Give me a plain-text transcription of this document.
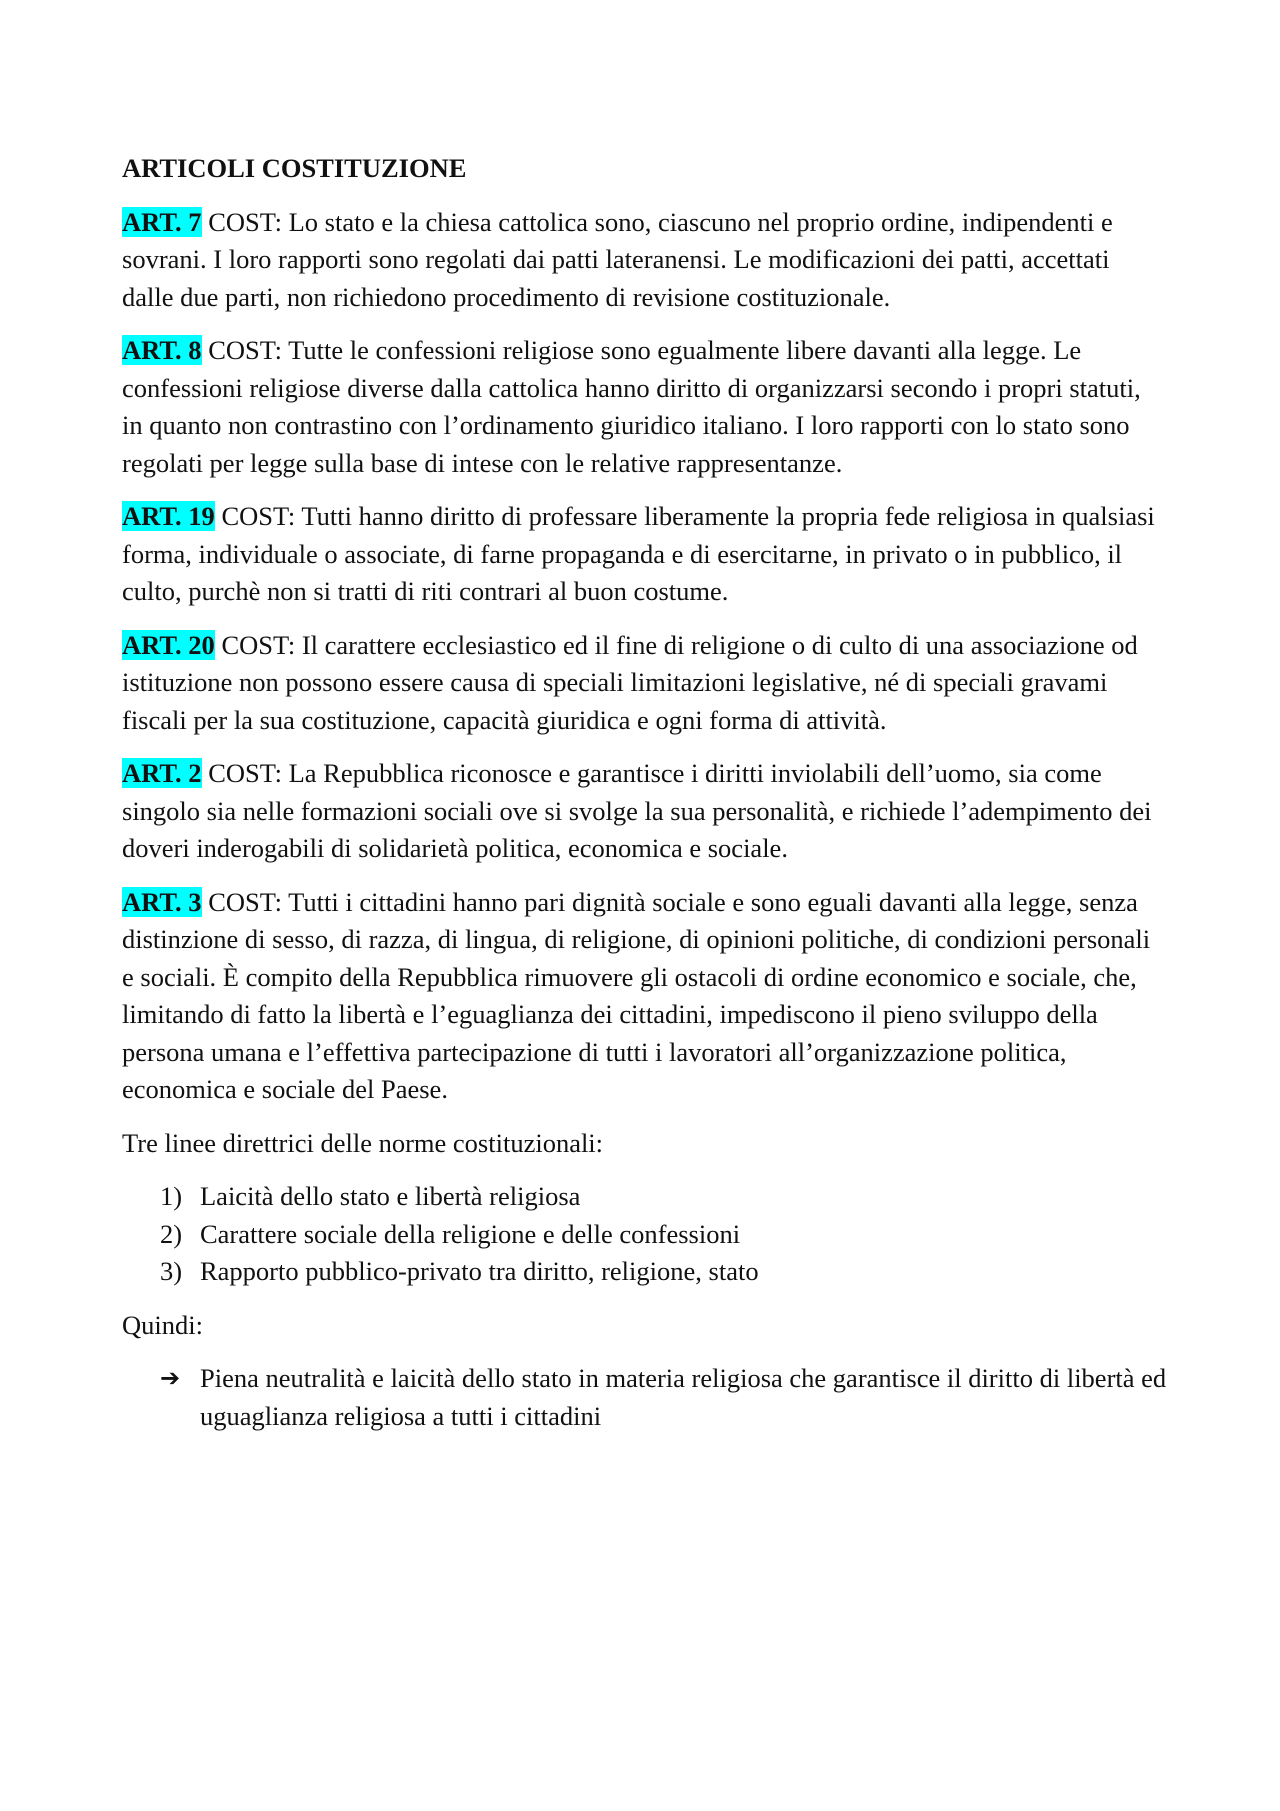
ARTICOLI COSTITUZIONE

ART. 7 COST: Lo stato e la chiesa cattolica sono, ciascuno nel proprio ordine, indipendenti e sovrani. I loro rapporti sono regolati dai patti lateranensi. Le modificazioni dei patti, accettati dalle due parti, non richiedono procedimento di revisione costituzionale.

ART. 8 COST: Tutte le confessioni religiose sono egualmente libere davanti alla legge. Le confessioni religiose diverse dalla cattolica hanno diritto di organizzarsi secondo i propri statuti, in quanto non contrastino con l’ordinamento giuridico italiano. I loro rapporti con lo stato sono regolati per legge sulla base di intese con le relative rappresentanze.

ART. 19 COST: Tutti hanno diritto di professare liberamente la propria fede religiosa in qualsiasi forma, individuale o associate, di farne propaganda e di esercitarne, in privato o in pubblico, il culto, purchè non si tratti di riti contrari al buon costume.

ART. 20 COST: Il carattere ecclesiastico ed il fine di religione o di culto di una associazione od istituzione non possono essere causa di speciali limitazioni legislative, né di speciali gravami fiscali per la sua costituzione, capacità giuridica e ogni forma di attività.

ART. 2 COST: La Repubblica riconosce e garantisce i diritti inviolabili dell’uomo, sia come singolo sia nelle formazioni sociali ove si svolge la sua personalità, e richiede l’adempimento dei doveri inderogabili di solidarietà politica, economica e sociale.

ART. 3 COST: Tutti i cittadini hanno pari dignità sociale e sono eguali davanti alla legge, senza distinzione di sesso, di razza, di lingua, di religione, di opinioni politiche, di condizioni personali e sociali. È compito della Repubblica rimuovere gli ostacoli di ordine economico e sociale, che, limitando di fatto la libertà e l’eguaglianza dei cittadini, impediscono il pieno sviluppo della persona umana e l’effettiva partecipazione di tutti i lavoratori all’organizzazione politica, economica e sociale del Paese.

Tre linee direttrici delle norme costituzionali:

1) Laicità dello stato e libertà religiosa
2) Carattere sociale della religione e delle confessioni
3) Rapporto pubblico-privato tra diritto, religione, stato

Quindi:

➔ Piena neutralità e laicità dello stato in materia religiosa che garantisce il diritto di libertà ed uguaglianza religiosa a tutti i cittadini
